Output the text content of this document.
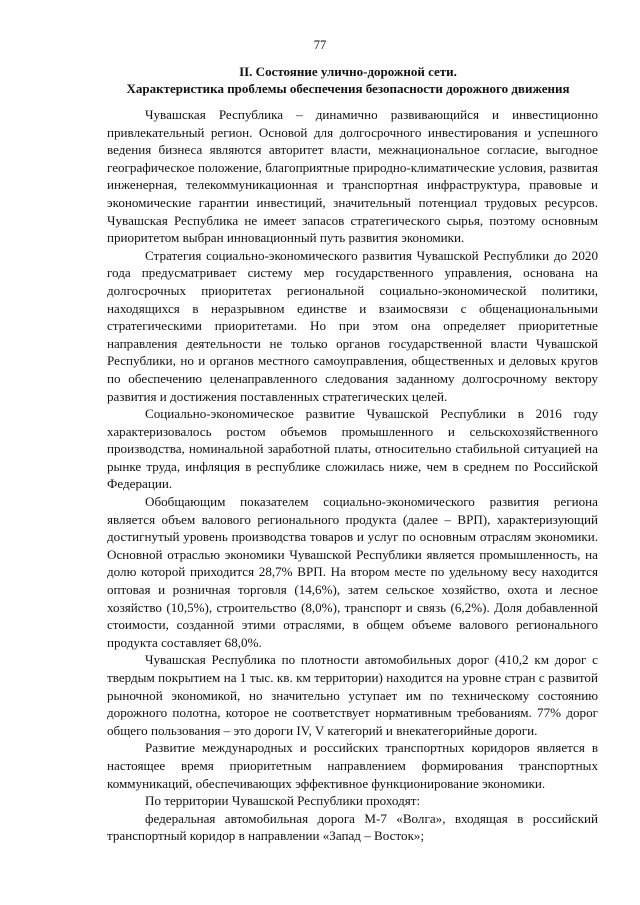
77
II. Состояние улично-дорожной сети.
Характеристика проблемы обеспечения безопасности дорожного движения

Чувашская Республика – динамично развивающийся и инвестиционно привлекательный регион. Основой для долгосрочного инвестирования и успешного ведения бизнеса являются авторитет власти, межнациональное согласие, выгодное географическое положение, благоприятные природно-климатические условия, развитая инженерная, телекоммуникационная и транспортная инфраструктура, правовые и экономические гарантии инвестиций, значительный потенциал трудовых ресурсов. Чувашская Республика не имеет запасов стратегического сырья, поэтому основным приоритетом выбран инновационный путь развития экономики.

Стратегия социально-экономического развития Чувашской Республики до 2020 года предусматривает систему мер государственного управления, основана на долгосрочных приоритетах региональной социально-экономической политики, находящихся в неразрывном единстве и взаимосвязи с общенациональными стратегическими приоритетами. Но при этом она определяет приоритетные направления деятельности не только органов государственной власти Чувашской Республики, но и органов местного самоуправления, общественных и деловых кругов по обеспечению целенаправленного следования заданному долгосрочному вектору развития и достижения поставленных стратегических целей.

Социально-экономическое развитие Чувашской Республики в 2016 году характеризовалось ростом объемов промышленного и сельскохозяйственного производства, номинальной заработной платы, относительно стабильной ситуацией на рынке труда, инфляция в республике сложилась ниже, чем в среднем по Российской Федерации.

Обобщающим показателем социально-экономического развития региона является объем валового регионального продукта (далее – ВРП), характеризующий достигнутый уровень производства товаров и услуг по основным отраслям экономики. Основной отраслью экономики Чувашской Республики является промышленность, на долю которой приходится 28,7% ВРП. На втором месте по удельному весу находится оптовая и розничная торговля (14,6%), затем сельское хозяйство, охота и лесное хозяйство (10,5%), строительство (8,0%), транспорт и связь (6,2%). Доля добавленной стоимости, созданной этими отраслями, в общем объеме валового регионального продукта составляет 68,0%.

Чувашская Республика по плотности автомобильных дорог (410,2 км дорог с твердым покрытием на 1 тыс. кв. км территории) находится на уровне стран с развитой рыночной экономикой, но значительно уступает им по техническому состоянию дорожного полотна, которое не соответствует нормативным требованиям. 77% дорог общего пользования – это дороги IV, V категорий и внекатегорийные дороги.

Развитие международных и российских транспортных коридоров является в настоящее время приоритетным направлением формирования транспортных коммуникаций, обеспечивающих эффективное функционирование экономики.

По территории Чувашской Республики проходят:

федеральная автомобильная дорога М-7 «Волга», входящая в российский транспортный коридор в направлении «Запад – Восток»;
